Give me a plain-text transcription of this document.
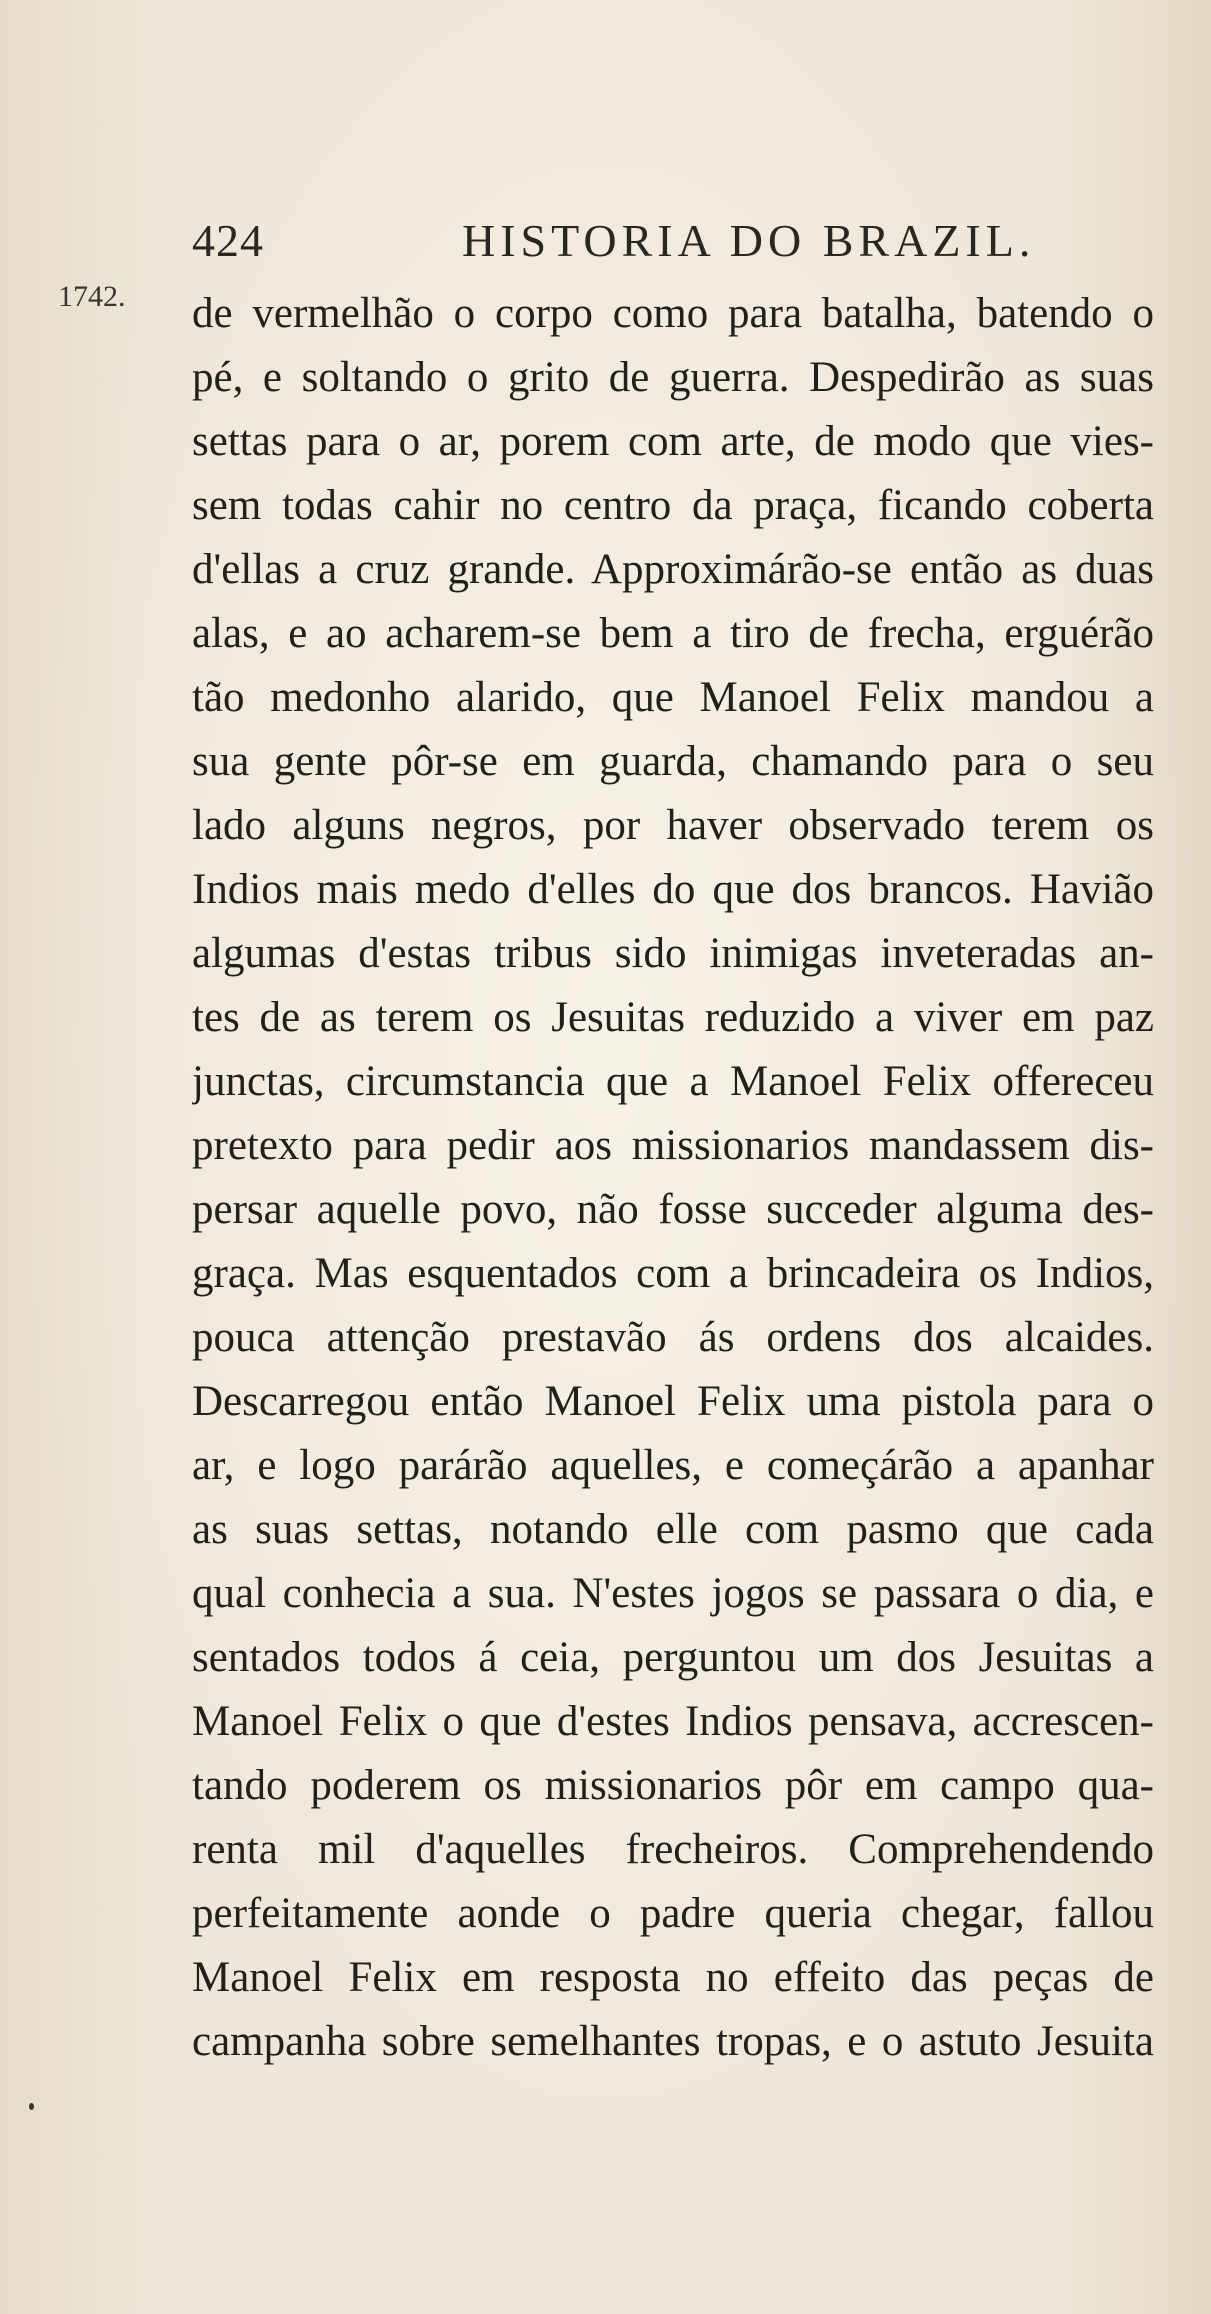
424	HISTORIA DO BRAZIL.
1742. de vermelhão o corpo como para batalha, batendo o
pé, e soltando o grito de guerra. Despedirão as suas
settas para o ar, porem com arte, de modo que vies-
sem todas cahir no centro da praça, ficando coberta
d'ellas a cruz grande. Approximárão-se então as duas
alas, e ao acharem-se bem a tiro de frecha, erguérão
tão medonho alarido, que Manoel Felix mandou a
sua gente pôr-se em guarda, chamando para o seu
lado alguns negros, por haver observado terem os
Indios mais medo d'elles do que dos brancos. Havião
algumas d'estas tribus sido inimigas inveteradas an-
tes de as terem os Jesuitas reduzido a viver em paz
junctas, circumstancia que a Manoel Felix offereceu
pretexto para pedir aos missionarios mandassem dis-
persar aquelle povo, não fosse succeder alguma des-
graça. Mas esquentados com a brincadeira os Indios,
pouca attenção prestavão ás ordens dos alcaides.
Descarregou então Manoel Felix uma pistola para o
ar, e logo parárão aquelles, e começárão a apanhar
as suas settas, notando elle com pasmo que cada
qual conhecia a sua. N'estes jogos se passara o dia, e
sentados todos á ceia, perguntou um dos Jesuitas a
Manoel Felix o que d'estes Indios pensava, accrescen-
tando poderem os missionarios pôr em campo qua-
renta mil d'aquelles frecheiros. Comprehendendo
perfeitamente aonde o padre queria chegar, fallou
Manoel Felix em resposta no effeito das peças de
campanha sobre semelhantes tropas, e o astuto Jesuita
